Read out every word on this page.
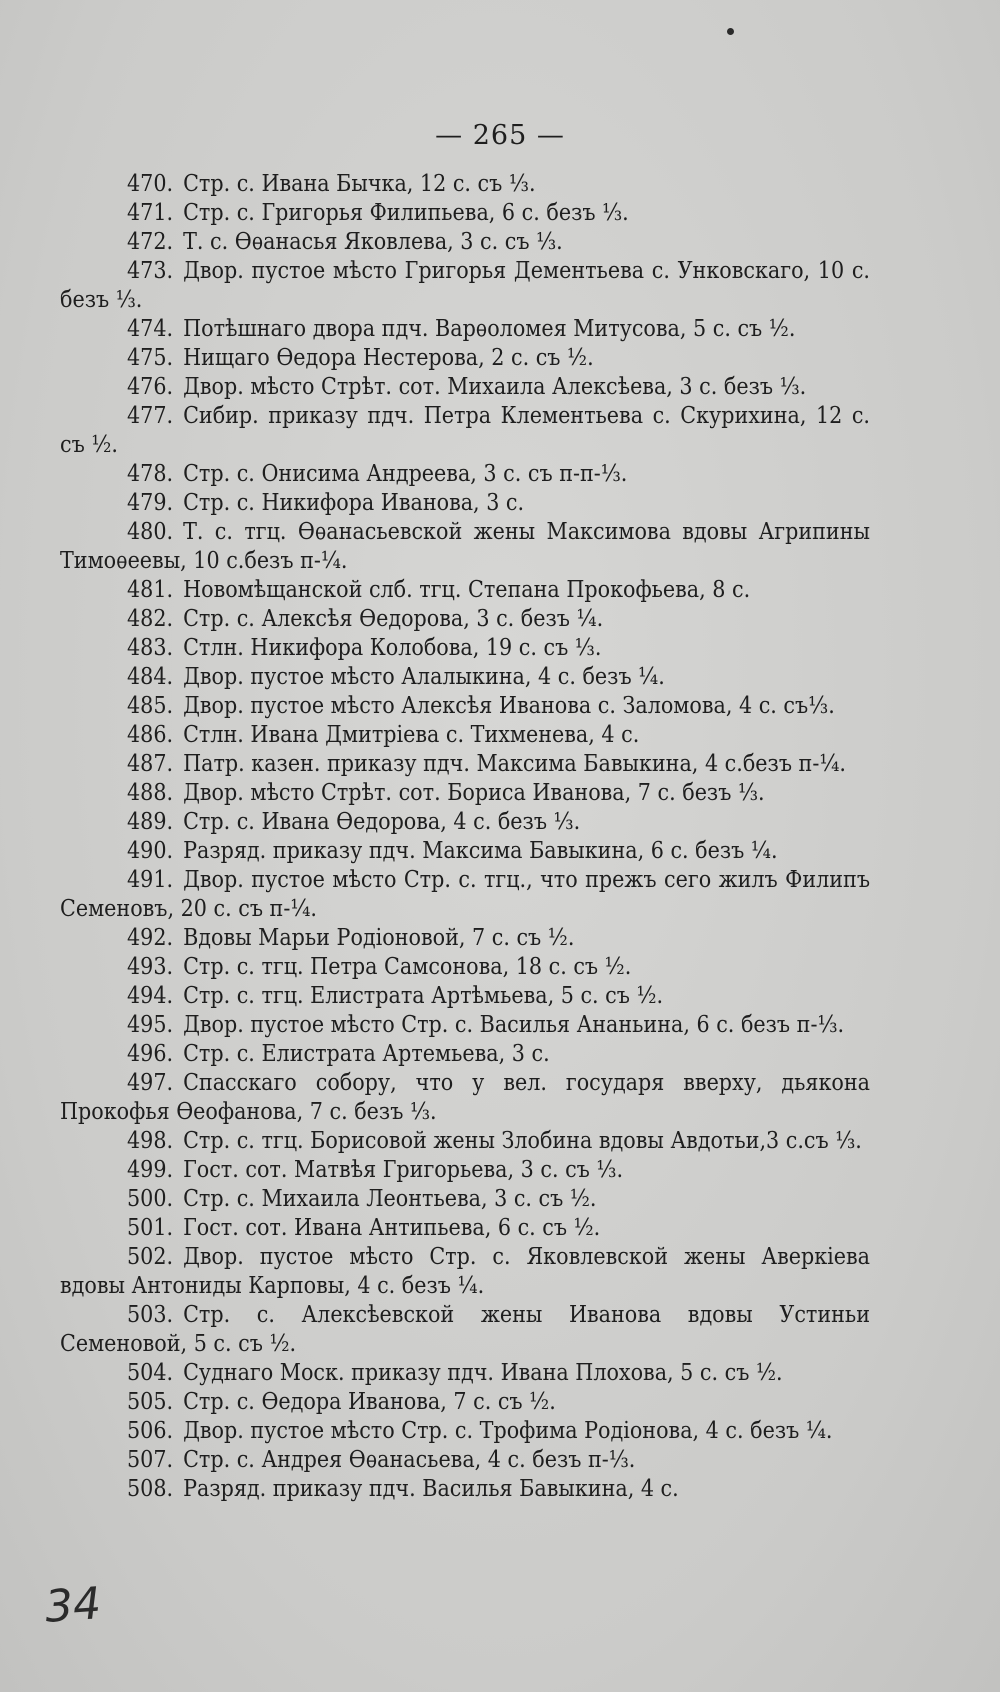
— 265 —

470. Стр. с. Ивана Бычка, 12 с. съ ⅓.

471. Стр. с. Григорья Филипьева, 6 с. безъ ⅓.

472. Т. с. Ѳѳанасья Яковлева, 3 с. съ ⅓.

473. Двор. пустое мѣсто Григорья Дементьева с. Унковскаго, 10 с. безъ ⅓.

474. Потѣшнаго двора пдч. Варѳоломея Митусова, 5 с. съ ½.

475. Нищаго Ѳедора Нестерова, 2 с. съ ½.

476. Двор. мѣсто Стрѣт. сот. Михаила Алексѣева, 3 с. безъ ⅓.

477. Сибир. приказу пдч. Петра Клементьева с. Скурихина, 12 с. съ ½.

478. Стр. с. Онисима Андреева, 3 с. съ п-п-⅓.

479. Стр. с. Никифора Иванова, 3 с.

480. Т. с. тгц. Ѳѳанасьевской жены Максимова вдовы Агрипины Тимоѳеевы, 10 с.безъ п-¼.

481. Новомѣщанской слб. тгц. Степана Прокофьева, 8 с.

482. Стр. с. Алексѣя Ѳедорова, 3 с. безъ ¼.

483. Стлн. Никифора Колобова, 19 с. съ ⅓.

484. Двор. пустое мѣсто Алалыкина, 4 с. безъ ¼.

485. Двор. пустое мѣсто Алексѣя Иванова с. Заломова, 4 с. съ⅓.

486. Стлн. Ивана Дмитріева с. Тихменева, 4 с.

487. Патр. казен. приказу пдч. Максима Бавыкина, 4 с.безъ п-¼.

488. Двор. мѣсто Стрѣт. сот. Бориса Иванова, 7 с. безъ ⅓.

489. Стр. с. Ивана Ѳедорова, 4 с. безъ ⅓.

490. Разряд. приказу пдч. Максима Бавыкина, 6 с. безъ ¼.

491. Двор. пустое мѣсто Стр. с. тгц., что прежъ сего жилъ Филипъ Семеновъ, 20 с. съ п-¼.

492. Вдовы Марьи Родіоновой, 7 с. съ ½.

493. Стр. с. тгц. Петра Самсонова, 18 с. съ ½.

494. Стр. с. тгц. Елистрата Артѣмьева, 5 с. съ ½.

495. Двор. пустое мѣсто Стр. с. Василья Ананьина, 6 с. безъ п-⅓.

496. Стр. с. Елистрата Артемьева, 3 с.

497. Спасскаго собору, что у вел. государя вверху, дьякона Прокофья Ѳеофанова, 7 с. безъ ⅓.

498. Стр. с. тгц. Борисовой жены Злобина вдовы Авдотьи,3 с.съ ⅓.

499. Гост. сот. Матвѣя Григорьева, 3 с. съ ⅓.

500. Стр. с. Михаила Леонтьева, 3 с. съ ½.

501. Гост. сот. Ивана Антипьева, 6 с. съ ½.

502. Двор. пустое мѣсто Стр. с. Яковлевской жены Аверкіева вдовы Антониды Карповы, 4 с. безъ ¼.

503. Стр. с. Алексѣевской жены Иванова вдовы Устиньи Семеновой, 5 с. съ ½.

504. Суднаго Моск. приказу пдч. Ивана Плохова, 5 с. съ ½.

505. Стр. с. Ѳедора Иванова, 7 с. съ ½.

506. Двор. пустое мѣсто Стр. с. Трофима Родіонова, 4 с. безъ ¼.

507. Стр. с. Андрея Ѳѳанасьева, 4 с. безъ п-⅓.

508. Разряд. приказу пдч. Василья Бавыкина, 4 с.

34
